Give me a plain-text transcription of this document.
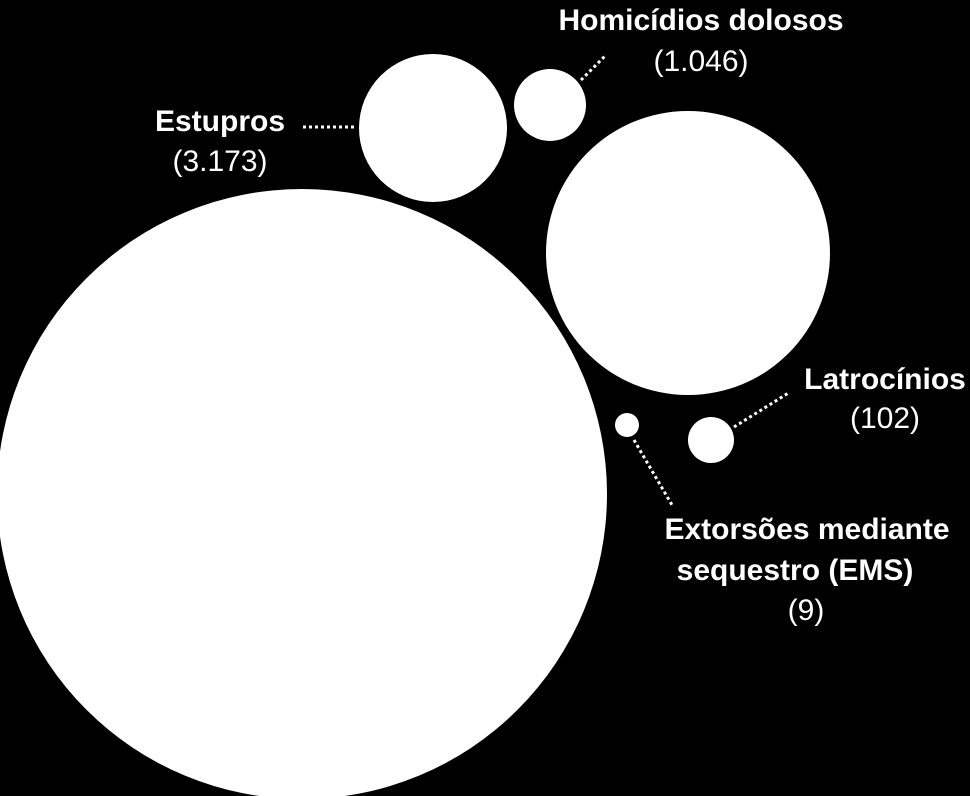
Estupros
(3.173)
Homicídios dolosos
(1.046)
Latrocínios
(102)
Extorsões mediante
sequestro (EMS)
(9)
